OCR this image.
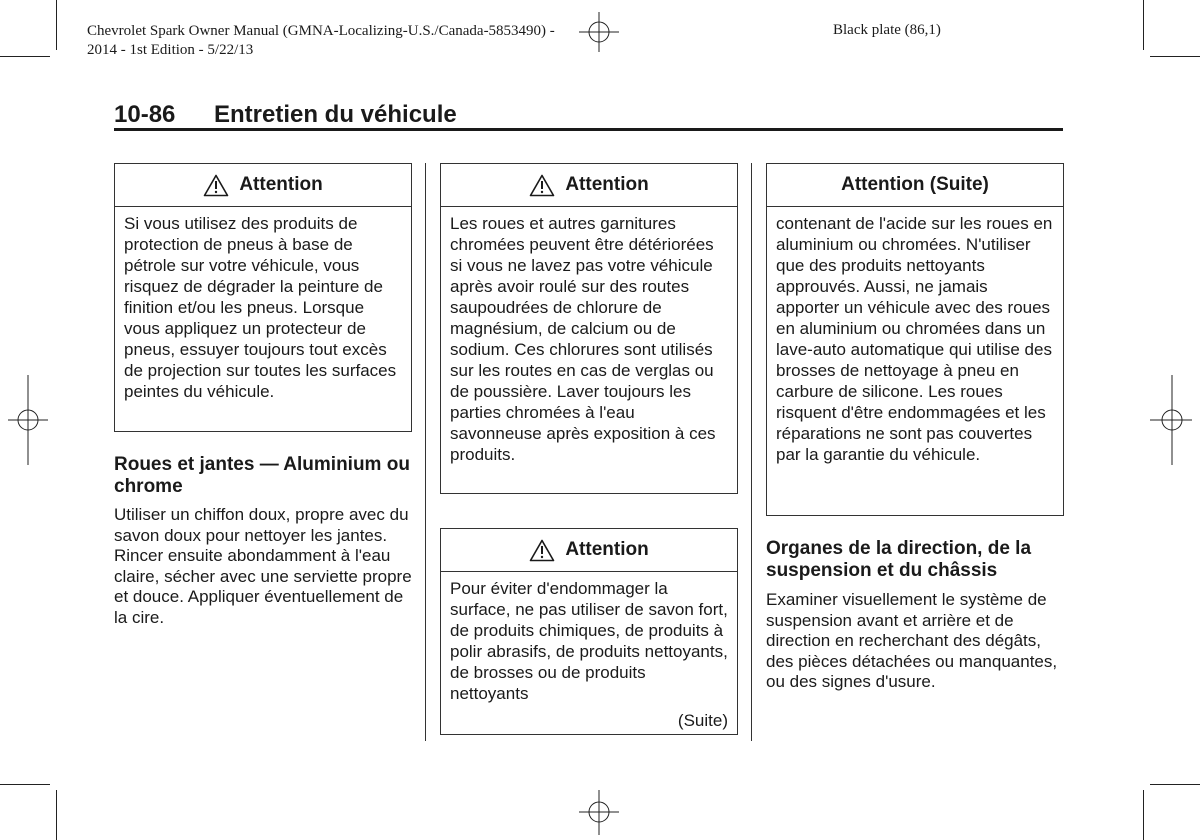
Chevrolet Spark Owner Manual (GMNA-Localizing-U.S./Canada-5853490) -
2014 - 1st Edition - 5/22/13
Black plate (86,1)
10-86 Entretien du véhicule
Attention
Si vous utilisez des produits de protection de pneus à base de pétrole sur votre véhicule, vous risquez de dégrader la peinture de finition et/ou les pneus. Lorsque vous appliquez un protecteur de pneus, essuyer toujours tout excès de projection sur toutes les surfaces peintes du véhicule.
Roues et jantes — Aluminium ou chrome
Utiliser un chiffon doux, propre avec du savon doux pour nettoyer les jantes. Rincer ensuite abondamment à l'eau claire, sécher avec une serviette propre et douce. Appliquer éventuellement de la cire.
Attention
Les roues et autres garnitures chromées peuvent être détériorées si vous ne lavez pas votre véhicule après avoir roulé sur des routes saupoudrées de chlorure de magnésium, de calcium ou de sodium. Ces chlorures sont utilisés sur les routes en cas de verglas ou de poussière. Laver toujours les parties chromées à l'eau savonneuse après exposition à ces produits.
Attention
Pour éviter d'endommager la surface, ne pas utiliser de savon fort, de produits chimiques, de produits à polir abrasifs, de produits nettoyants, de brosses ou de produits nettoyants
(Suite)
Attention (Suite)
contenant de l'acide sur les roues en aluminium ou chromées. N'utiliser que des produits nettoyants approuvés. Aussi, ne jamais apporter un véhicule avec des roues en aluminium ou chromées dans un lave-auto automatique qui utilise des brosses de nettoyage à pneu en carbure de silicone. Les roues risquent d'être endommagées et les réparations ne sont pas couvertes par la garantie du véhicule.
Organes de la direction, de la suspension et du châssis
Examiner visuellement le système de suspension avant et arrière et de direction en recherchant des dégâts, des pièces détachées ou manquantes, ou des signes d'usure.
